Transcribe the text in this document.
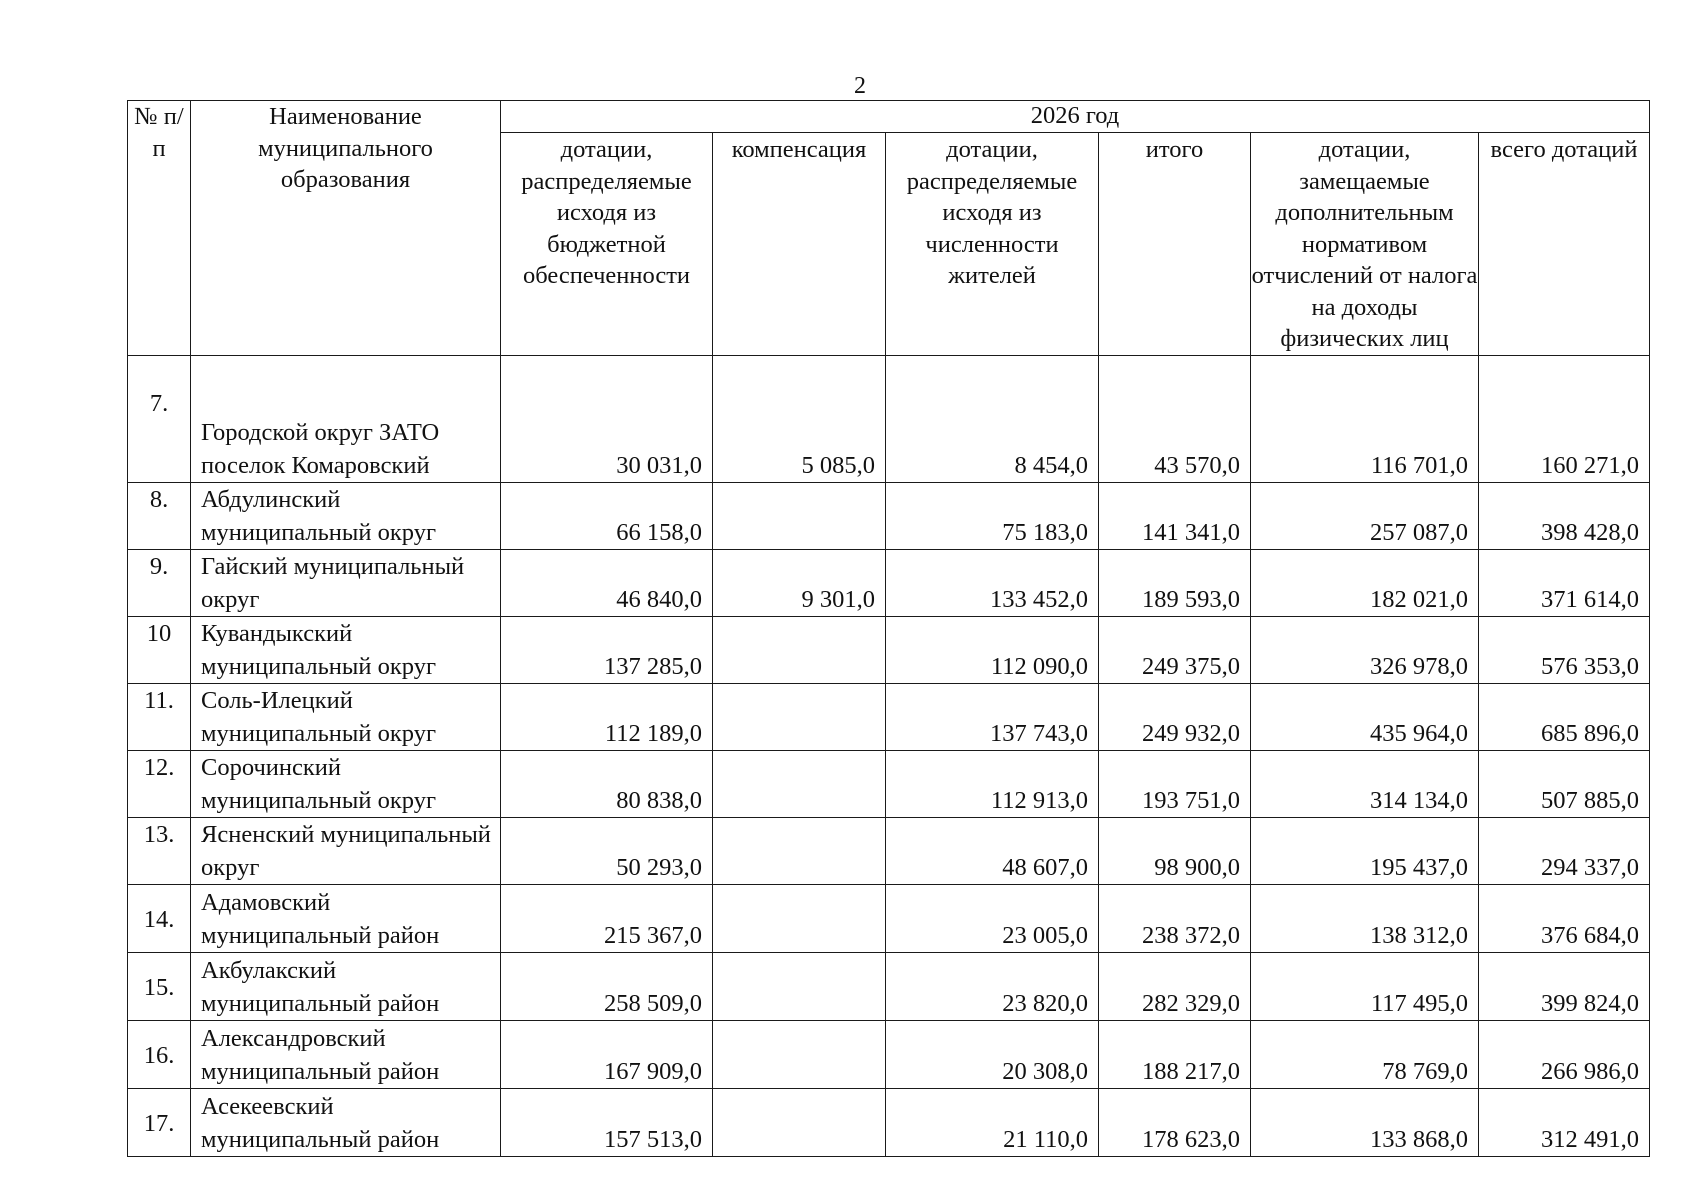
2
№ п/п	Наименование муниципального образования	2026 год					
		дотации, распределяемые исходя из бюджетной обеспеченности	компенсация	дотации, распределяемые исходя из численности жителей	итого	дотации, замещаемые дополнительным нормативом отчислений от налога на доходы физических лиц	всего дотаций
7.	Городской округ ЗАТО поселок Комаровский	30 031,0	5 085,0	8 454,0	43 570,0	116 701,0	160 271,0
8.	Абдулинский муниципальный округ	66 158,0		75 183,0	141 341,0	257 087,0	398 428,0
9.	Гайский муниципальный округ	46 840,0	9 301,0	133 452,0	189 593,0	182 021,0	371 614,0
10	Кувандыкский муниципальный округ	137 285,0		112 090,0	249 375,0	326 978,0	576 353,0
11.	Соль-Илецкий муниципальный округ	112 189,0		137 743,0	249 932,0	435 964,0	685 896,0
12.	Сорочинский муниципальный округ	80 838,0		112 913,0	193 751,0	314 134,0	507 885,0
13.	Ясненский муниципальный округ	50 293,0		48 607,0	98 900,0	195 437,0	294 337,0
14.	Адамовский муниципальный район	215 367,0		23 005,0	238 372,0	138 312,0	376 684,0
15.	Акбулакский муниципальный район	258 509,0		23 820,0	282 329,0	117 495,0	399 824,0
16.	Александровский муниципальный район	167 909,0		20 308,0	188 217,0	78 769,0	266 986,0
17.	Асекеевский муниципальный район	157 513,0		21 110,0	178 623,0	133 868,0	312 491,0
